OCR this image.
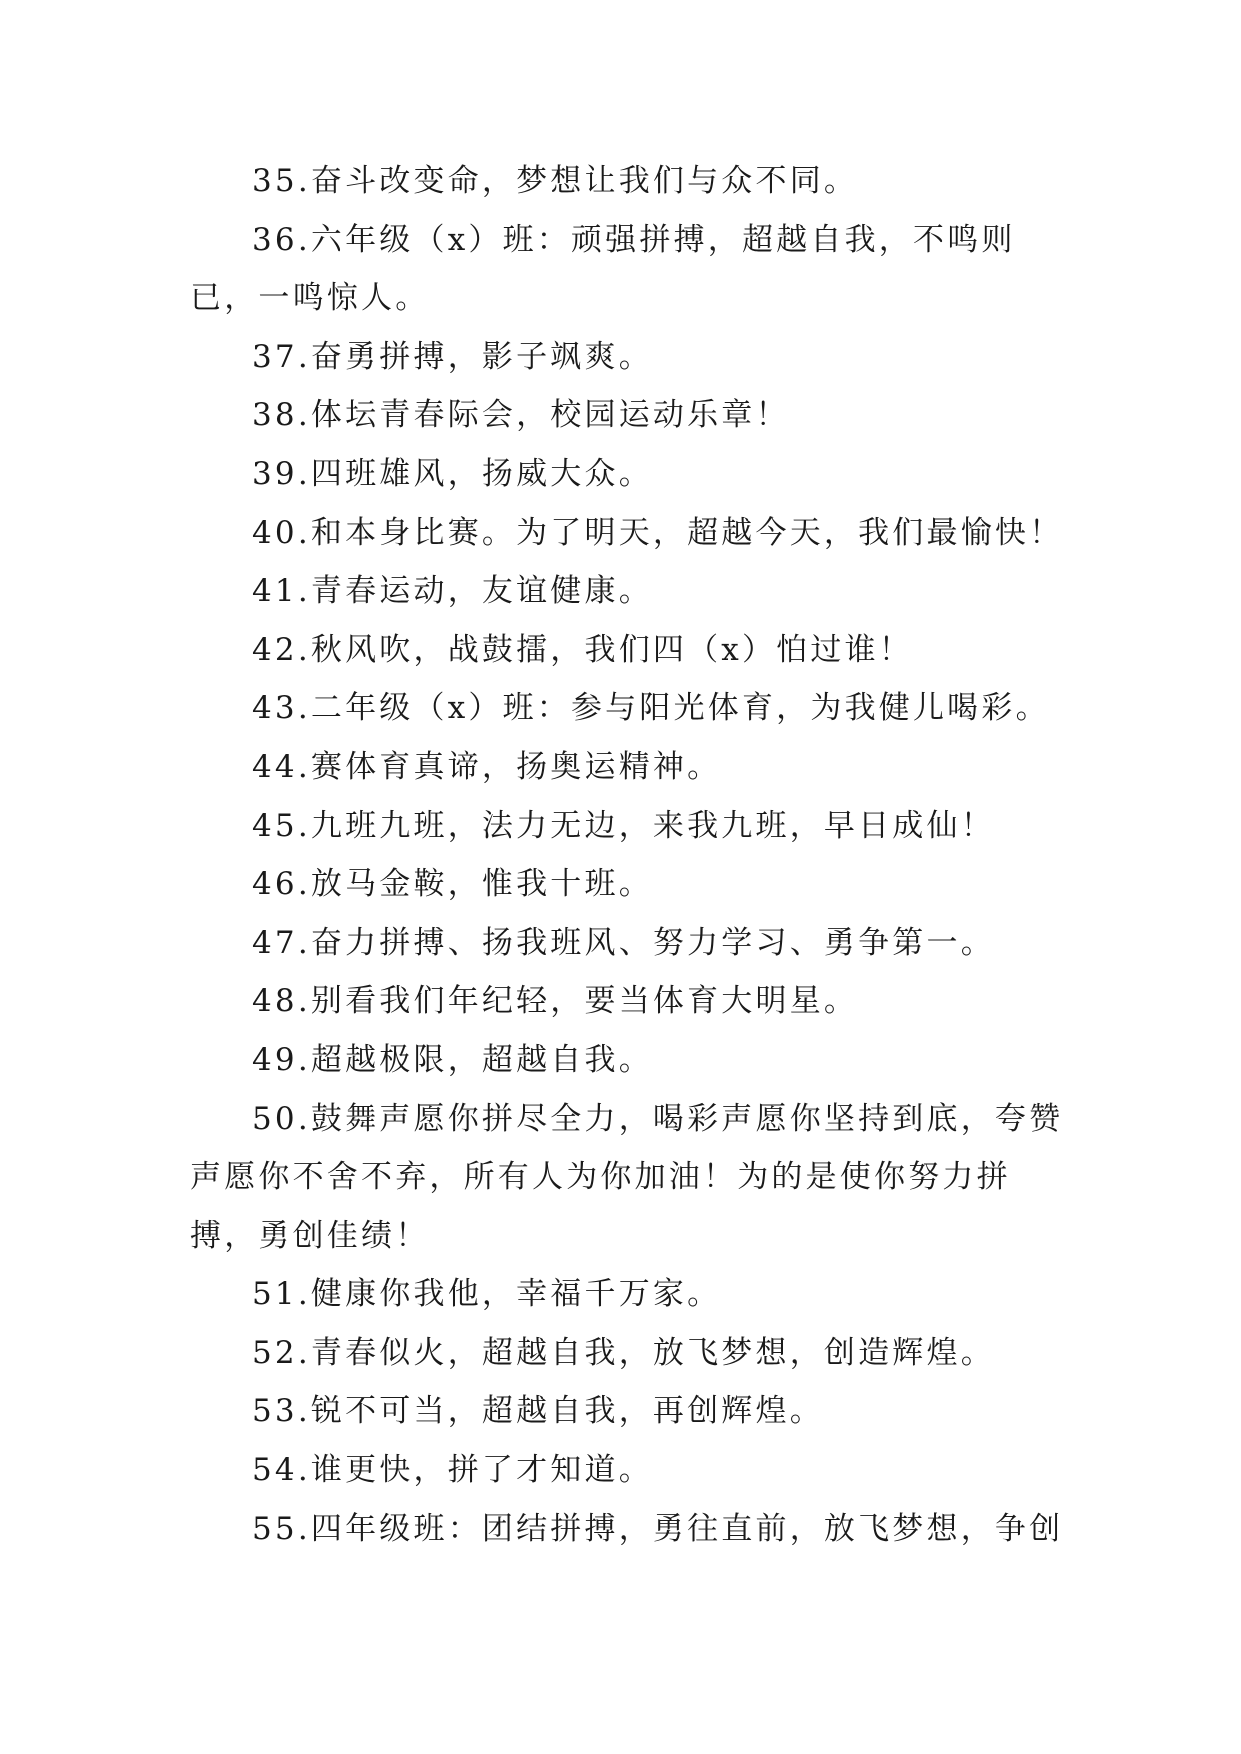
35.奋斗改变命，梦想让我们与众不同。

36.六年级（x）班：顽强拼搏，超越自我，不鸣则已，一鸣惊人。

37.奋勇拼搏，影子飒爽。

38.体坛青春际会，校园运动乐章！

39.四班雄风，扬威大众。

40.和本身比赛。为了明天，超越今天，我们最愉快！

41.青春运动，友谊健康。

42.秋风吹，战鼓擂，我们四（x）怕过谁！

43.二年级（x）班：参与阳光体育，为我健儿喝彩。

44.赛体育真谛，扬奥运精神。

45.九班九班，法力无边，来我九班，早日成仙！

46.放马金鞍，惟我十班。

47.奋力拼搏、扬我班风、努力学习、勇争第一。

48.别看我们年纪轻，要当体育大明星。

49.超越极限，超越自我。

50.鼓舞声愿你拼尽全力，喝彩声愿你坚持到底，夸赞声愿你不舍不弃，所有人为你加油！为的是使你努力拼搏，勇创佳绩！

51.健康你我他，幸福千万家。

52.青春似火，超越自我，放飞梦想，创造辉煌。

53.锐不可当，超越自我，再创辉煌。

54.谁更快，拼了才知道。

55.四年级班：团结拼搏，勇往直前，放飞梦想，争创
